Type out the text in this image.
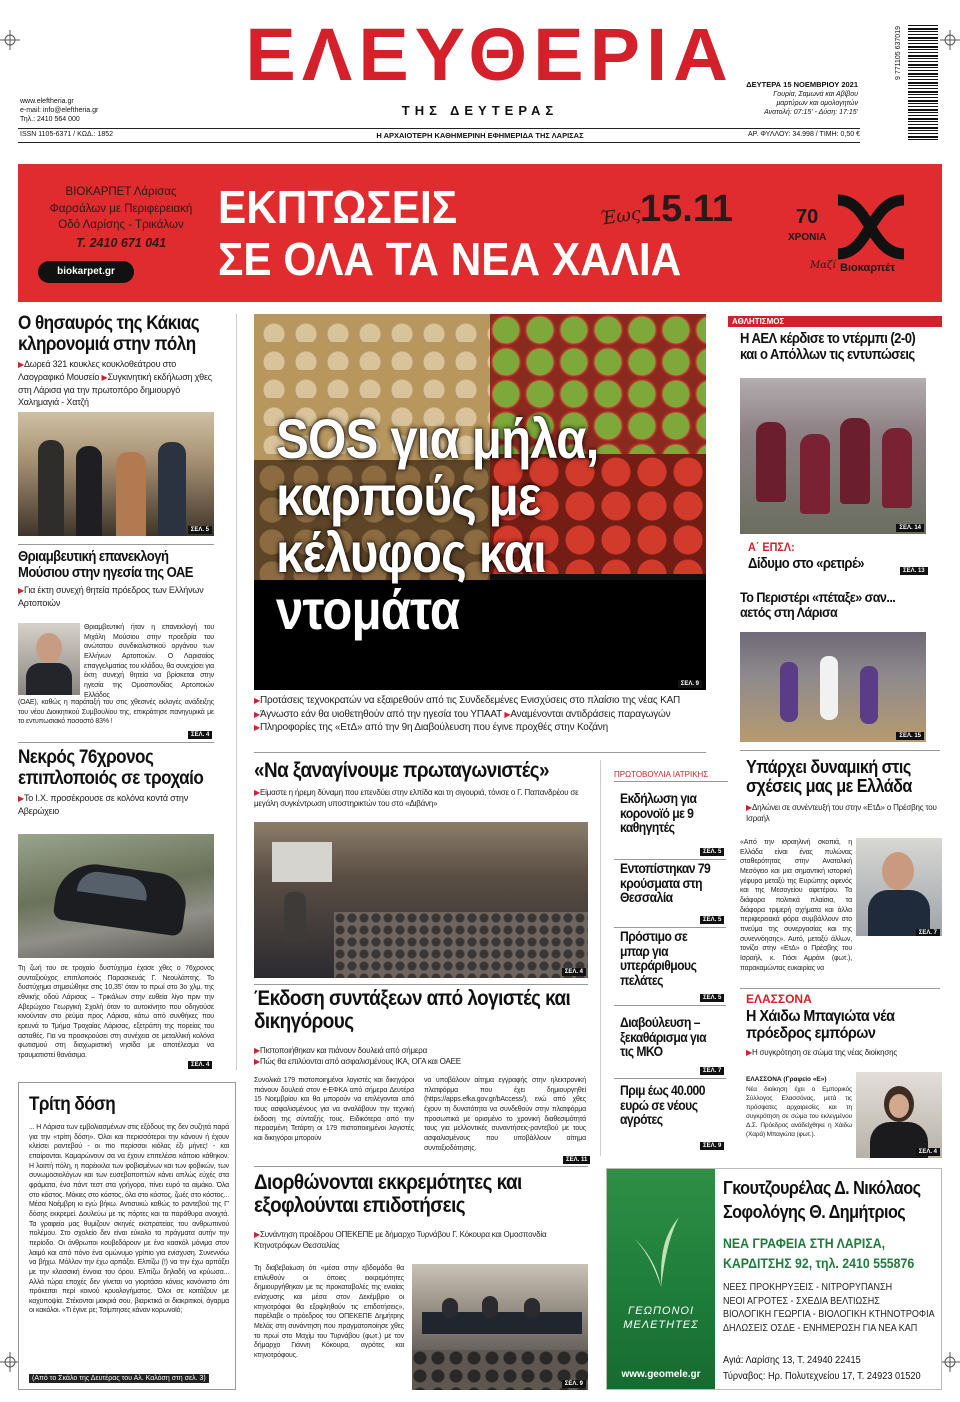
ΕΛΕΥΘΕΡΙΑ
ΤΗΣ ΔΕΥΤΕΡΑΣ
www.eleftheria.gr
e-mail: info@eleftheria.gr
Τηλ.: 2410 564 000
ΔΕΥΤΕΡΑ 15 ΝΟΕΜΒΡΙΟΥ 2021
Γουρία, Σαμωνά και Αβίβου
μαρτύρων και ομολογητών
Ανατολή: 07:15' - Δύση: 17:15'
9 771105 637019
ISSN 1105-6371 / ΚΩΔ.: 1852	Η ΑΡΧΑΙΟΤΕΡΗ ΚΑΘΗΜΕΡΙΝΗ ΕΦΗΜΕΡΙΔΑ ΤΗΣ ΛΑΡΙΣΑΣ	ΑΡ. ΦΥΛΛΟΥ: 34.998 / ΤΙΜΗ: 0,50 €
ΒΙΟΚΑΡΠΕΤ Λάρισας
Φαρσάλων με Περιφερειακή
Οδό Λαρίσης - Τρικάλων
Τ. 2410 671 041
biokarpet.gr
ΕΚΠΤΩΣΕΙΣ
ΣΕ ΟΛΑ ΤΑ ΝΕΑ ΧΑΛΙΑ
Έως
15.11	70
ΧΡΟΝΙΑ
Μαζί Βιοκαρπέτ
Ο θησαυρός της Κάκιας κληρονομιά στην πόλη
▶Δωρεά 321 κουκλες κουκλοθεάτρου στο Λαογραφικό Μουσείο ▶Συγκινητική εκδήλωση χθες στη Λάρισα για την πρωτοπόρο δημιουργό Χαλημαγιά - Χατζή
ΣΕΛ. 5
Θριαμβευτική επανεκλογή Μούσιου στην ηγεσία της ΟΑΕ
▶Για έκτη συνεχή θητεία πρόεδρος των Ελλήνων Αρτοποιών
Θριαμβευτική ήταν η επανεκλογή του Μιχάλη Μούσιου στην προεδρία του ανώτατου συνδικαλιστικού οργάνου των Ελλήνων Αρτοποιών. Ο Λαρισαίος επαγγελματίας του κλάδου, θα συνεχίσει για έκτη συνεχή θητεία να βρίσκεται στην ηγεσία της Ομοσπονδίας Αρτοποιών Ελλάδος
(ΟΑΕ), καθώς η παράταξή του στις χθεσινές εκλογές ανάδειξης του νέου Διοικητικού Συμβουλίου της, επικράτησε πανηγυρικά με το εντυπωσιακό ποσοστό 83% !
ΣΕΛ. 4
Νεκρός 76χρονος επιπλοποιός σε τροχαίο
▶Το Ι.Χ. προσέκρουσε σε κολόνα κοντά στην Αβερώχειο
Τη ζωή του σε τροχαίο δυστύχημα έχασε χθες ο 76χρονος συνταξιούχος επιπλοποιός Παρασκευάς Γ. Νεουλάπτης. Το δυστύχημα σημειώθηκε στις 10,35' όταν το πρωί στο 3ο χλμ. της εθνικής οδού Λάρισας – Τρικάλων στην ευθεία λίγο πριν την Αβερώχειο Γεωργική Σχολή όταν το αυτοκίνητο που οδηγούσε κινούνταν στο ρεύμα προς Λάρισα, κάτω από συνθήκες που ερευνά το Τμήμα Τροχαίας Λάρισας, εξετράπη της πορείας του ασταθές. Για να προσκρούσει στη συνέχεια σε μεταλλική κολόνα φωτισμού στη διαχωριστική νησίδα με αποτέλεσμα να τραυματιστεί θανάσιμα.
ΣΕΛ. 4
Τρίτη δόση
... Η Λάρισα των εμβολιασμένων στις εξόδους της δεν συζητά παρά για την «τρίτη δόση». Όλοι και περισσότεροι την κάνουν ή έχουν κλείσει ραντεβού - οι πιο περίσσοι κιόλας έξι μήνες! - και επαίρονται. Καμαρώνουν σα να έχουν επιτελέσει κάποιο κάθηκον. Η λοιπή πόλη, η παρέκκλα των φοβισμένων και των φοβικών, των συνωμοσιολόγων και των ευσεβοποπτών κάνει απλώς εύχές στα φράματα, ένα πάντ τεστ στα γρήγορα, πίνει ευρό τα αιμάκο. Όλα στο κόστος. Μόκιες στο κόστος, όλα στο κόστος, ζωές στο κόστος... Μέσα Νοέμβρη κι εγώ βήκω. Αντισυκώ καθώς το ραντεβού της Γ' δόσης εκκρεμεί. Δουλεύω με τις πόρτες και τα παράθυρα ανοιχτά. Τα γραφεία μας θυμίζουν σκηνές εκστρατείας του ανθρωπινού πολέμου. Στο σχολείο δεν είναι εύκολο τα πράγματα αυτήν την περίοδο. Οι άνθρωποι κουβεδάρουν με ένα κασκόλ μόνιμα στον λαιμό και από πόνο ένα ομώνυμο γρίπιο για ενίσχυση. Συνεννόω να βήχω. Μόλλον την έχω αρπάξει. Ελπίζω (!) να την έχω αρπάξει με την κλασσική έννοια του όρου. Ελπίζω δηλαδή να κρύωσα... Αλλά τώρα εποχές δεν γίνεται να γιορτάσει κάνεις κανόνιστο όπι πρόκειται περί κοινού κρυολογήματος. Όλοι σε κοιτάζουν με καχυποψία. Στέκονται μακριά σου, βιαρκτικά οι διακριτικοί, άγαρμα οι κακόλοι. «Τι έγινε ρε; Τσίμπησες κάναν κορωνοϊό;
(Από το Σκάλο της Δευτέρας του Αλ. Καλόση στη σελ. 3)
SOS για μήλα, καρπούς με κέλυφος και ντομάτα
ΣΕΛ. 9
▶Προτάσεις τεχνοκρατών να εξαιρεθούν από τις Συνδεδεμένες Ενισχύσεις στο πλαίσιο της νέας ΚΑΠ ▶Άγνωστο εάν θα υιοθετηθούν από την ηγεσία του ΥΠΑΑΤ ▶Αναμένονται αντιδράσεις παραγωγών ▶Πληροφορίες της «ΕτΔ» από την 9η Διαβούλευση που έγινε προχθές στην Κοζάνη
«Να ξαναγίνουμε πρωταγωνιστές»
▶Είμαστε η ήρεμη δύναμη που επενδύει στην ελπίδα και τη σιγουριά, τόνισε ο Γ. Παπανδρέου σε μεγάλη συγκέντρωση υποστηρικτών του στο «Διβάνη»
ΣΕΛ. 4
Έκδοση συντάξεων από λογιστές και δικηγόρους
▶Πιστοποιήθηκαν και πιάνουν δουλειά από σήμερα
▶Πώς θα επιλύονται από ασφαλισμένους ΙΚΑ, ΟΓΑ και ΟΑΕΕ
Συνολικά 179 πιστοποιημένοι λογιστές και δικηγόροι πιάνουν δουλειά στον e-ΕΦΚΑ από σήμερα Δευτέρα 15 Νοεμβρίου και θα μπορούν να επιλέγονται από τους ασφαλισμένους για να αναλάβουν την τεχνική έκδοση της σύνταξής τους. Ειδικότερα από την περασμένη Τετάρτη οι 179 πιστοποιημένοι λογιστές και δικηγόροι μπορούν
να υποβάλουν αίτημα εγγραφής στην ηλεκτρονική πλατφόρμα που έχει δημιουργηθεί (https://apps.efka.gov.gr/bAccess/), ενώ από χθες έχουν τη δυνατότητα να συνδεθούν στην πλατφόρμα προσωπικά με ορισμένο το χρονική διαθεσιμότητά τους για μελλοντικές συναντήσεις-ραντεβού με τους ασφαλισμένους που υποβάλλουν αίτημα συνταξιοδότησης.
ΣΕΛ. 11
Διορθώνονται εκκρεμότητες και εξοφλούνται επιδοτήσεις
▶Συνάντηση προέδρου ΟΠΕΚΕΠΕ με δήμαρχο Τυρνάβου Γ. Κόκουρα και Ομοσπονδία Κτηνοτρόφων Θεσσαλίας
Τη διαβεβαίωση ότι «μέσα στην εβδομάδα θα επιλυθούν οι όποιες εκκρεμότητες δημιουργήθηκαν με τις προκαταβολές της ενιαίας ενίσχυσης και μέσα στον Δεκέμβριο οι κτηνοτρόφοι θα εξοφληθούν τις επιδοτήσεις», παρέλαβε ο πρόεδρος του ΟΠΕΚΕΠΕ Δημήτρης Μελάς στη συνάντηση που πραγματοποίησε χθες το πρωί στο Μαχίμ του Τυρνάβου (φωτ.) με τον δήμαρχο Γιάννη Κόκουρα, αγρότες και κτηνοτρόφους.
ΣΕΛ. 9
ΠΡΩΤΟΒΟΥΛΙΑ ΙΑΤΡΙΚΗΣ
Εκδήλωση για κορονοϊό με 9 καθηγητές
ΣΕΛ. 5
Εντοπίστηκαν 79 κρούσματα στη Θεσσαλία
ΣΕΛ. 5
Πρόστιμο σε μπαρ για υπεράριθμους πελάτες
ΣΕΛ. 5
Διαβούλευση –ξεκαθάρισμα για τις ΜΚΟ
ΣΕΛ. 7
Πριμ έως 40.000 ευρώ σε νέους αγρότες
ΣΕΛ. 9
ΑΘΛΗΤΙΣΜΟΣ
Η ΑΕΛ κέρδισε το ντέρμπι (2-0) και ο Απόλλων τις εντυπώσεις
ΣΕΛ. 14
Α΄ ΕΠΣΛ:
Δίδυμο στο «ρετιρέ»	ΣΕΛ. 13
Το Περιστέρι «πέταξε» σαν... αετός στη Λάρισα
ΣΕΛ. 15
Υπάρχει δυναμική στις σχέσεις μας με Ελλάδα
▶Δηλώνει σε συνέντευξή του στην «ΕτΔ» ο Πρέσβης του Ισραήλ
«Από την ισραηλινή σκοπιά, η Ελλάδα είναι ένας πυλώνας σταθερότητας στην Ανατολική Μεσόγειο και μια σημαντική ιστορική γέφυρα μεταξύ της Ευρώπης αφενός και της Μεσογείου αφετέρου. Τα διάφορα πολιτικά πλαίσια, τα διάφορα τριμερή σχήματα και άλλα περιφερειακά φόρα συμβάλλουν στο πνεύμα της συνεργασίας και της συνεννόησης». Αυτό, μεταξύ άλλων, τονίζει στην «ΕτΔ» ο Πρέσβης του Ισραήλ, κ. Γιόσι Αμράνι (φωτ.), παρακαμώντας ευκαιρίας να
ΣΕΛ. 7
ΕΛΑΣΣΟΝΑ
Η Χάιδω Μπαγιώτα νέα πρόεδρος εμπόρων
▶Η συγκρότηση σε σώμα της νέας διοίκησης
ΕΛΑΣΣΟΝΑ (Γραφείο «Ε»)
Νέα διοίκηση έχει ο Εμπορικός Σύλλογος Ελασσόνας, μετά τις πρόσφατες αρχαιρεσίες και τη συγκρότηση σε σώμα του εκλεγμένου Δ.Σ. Πρόεδρος ανάδείχθηκε η Χάιδω (Χαρά) Μπαγιώτα (φωτ.).
ΣΕΛ. 4
ΓΕΩΠΟΝΟΙ
ΜΕΛΕΤΗΤΕΣ
www.geomele.gr
Γκουτζουρέλας Δ. Νικόλαος
Σοφολόγης Θ. Δημήτριος
ΝΕΑ ΓΡΑΦΕΙΑ ΣΤΗ ΛΑΡΙΣΑ,
ΚΑΡΔΙΤΣΗΣ 92, τηλ. 2410 555876
ΝΕΕΣ ΠΡΟΚΗΡΥΞΕΙΣ - ΝΙΤΡΟΡΥΠΑΝΣΗ
ΝΕΟΙ ΑΓΡΟΤΕΣ - ΣΧΕΔΙΑ ΒΕΛΤΙΩΣΗΣ
ΒΙΟΛΟΓΙΚΗ ΓΕΩΡΓΙΑ - ΒΙΟΛΟΓΙΚΗ ΚΤΗΝΟΤΡΟΦΙΑ
ΔΗΛΩΣΕΙΣ ΟΣΔΕ - ΕΝΗΜΕΡΩΣΗ ΓΙΑ ΝΕΑ ΚΑΠ
Αγιά: Λαρίσης 13, Τ. 24940 22415
Τύρναβος: Ηρ. Πολυτεχνείου 17, Τ. 24923 01520
